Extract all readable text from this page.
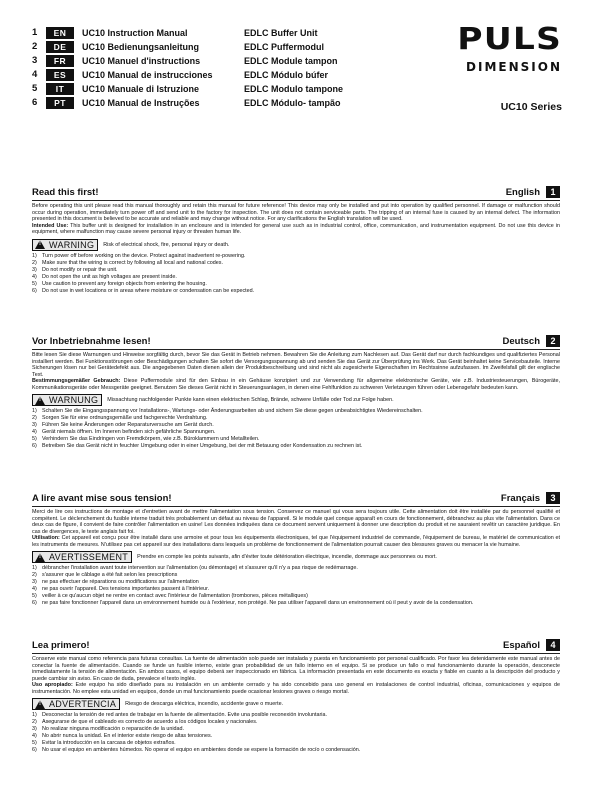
1	EN	UC10 Instruction Manual	EDLC Buffer Unit
2	DE	UC10 Bedienungsanleitung	EDLC Puffermodul
3	FR	UC10 Manuel d'instructions	EDLC Module tampon
4	ES	UC10 Manual de instrucciones	EDLC Módulo búfer
5	IT	UC10 Manuale di Istruzione	EDLC Modulo tampone
6	PT	UC10 Manual de Instruções	EDLC Módulo- tampão
PULS
DIMENSION
UC10 Series
Read this first!	English	1
Before operating this unit please read this manual thoroughly and retain this manual for future reference! This device may only be installed and put into operation by qualified personnel. If damage or malfunction should occur during operation, immediately turn power off and send unit to the factory for inspection. The unit does not contain serviceable parts. The tripping of an internal fuse is caused by an internal defect. The information presented in this document is believed to be accurate and reliable and may change without notice. For any clarifications the English translation will be used.
Intended Use: This buffer unit is designed for installation in an enclosure and is intended for general use such as in industrial control, office, communication, and instrumentation equipment. Do not use this device in equipment, where malfunction may cause severe personal injury or threaten human life.
!
WARNING Risk of electrical shock, fire, personal injury or death.
1) Turn power off before working on the device. Protect against inadvertent re-powering.
2) Make sure that the wiring is correct by following all local and national codes.
3) Do not modify or repair the unit.
4) Do not open the unit as high voltages are present inside.
5) Use caution to prevent any foreign objects from entering the housing.
6) Do not use in wet locations or in areas where moisture or condensation can be expected.
Vor Inbetriebnahme lesen!	Deutsch	2
Bitte lesen Sie diese Warnungen und Hinweise sorgfältig durch, bevor Sie das Gerät in Betrieb nehmen. Bewahren Sie die Anleitung zum Nachlesen auf. Das Gerät darf nur durch fachkundiges und qualifiziertes Personal installiert werden. Bei Funktionsstörungen oder Beschädigungen schalten Sie sofort die Versorgungsspannung ab und senden Sie das Gerät zur Überprüfung ins Werk. Das Gerät beinhaltet keine Servicebauteile. Interne Sicherungen lösen nur bei Gerätedefekt aus. Die angegebenen Daten dienen allein der Produktbeschreibung und sind nicht als zugesicherte Eigenschaften im Rechtssinne aufzufassen. Im Zweifelsfall gilt der englische Text.
Bestimmungsgemäßer Gebrauch: Diese Puffermodule sind für den Einbau in ein Gehäuse konzipiert und zur Verwendung für allgemeine elektronische Geräte, wie z.B. Industriesteuerungen, Bürogeräte, Kommunikationsgeräte oder Messgeräte geeignet. Benutzen Sie dieses Gerät nicht in Steuerungsanlagen, in denen eine Fehlfunktion zu schweren Verletzungen führen oder Lebensgefahr bedeuten kann.
!
WARNUNG Missachtung nachfolgender Punkte kann einen elektrischen Schlag, Brände, schwere Unfälle oder Tod zur Folge haben.
1) Schalten Sie die Eingangsspannung vor Installations-, Wartungs- oder Änderungsarbeiten ab und sichern Sie diese gegen unbeabsichtigtes Wiedereinschalten.
2) Sorgen Sie für eine ordnungsgemäße und fachgerechte Verdrahtung.
3) Führen Sie keine Änderungen oder Reparaturversuche am Gerät durch.
4) Gerät niemals öffnen. Im Inneren befinden sich gefährliche Spannungen.
5) Verhindern Sie das Eindringen von Fremdkörpern, wie z.B. Büroklammern und Metallteilen.
6) Betreiben Sie das Gerät nicht in feuchter Umgebung oder in einer Umgebung, bei der mit Betauung oder Kondensation zu rechnen ist.
A lire avant mise sous tension!	Français	3
Merci de lire ces instructions de montage et d'entretien avant de mettre l'alimentation sous tension. Conservez ce manuel qui vous sera toujours utile. Cette alimentation doit être installée par du personnel qualifié et compétent. Le déclenchement du fusible interne traduit très probablement un défaut au niveau de l'appareil. Si le module quel conque apparaît en cours de fonctionnement, débranchez au plus vite l'alimentation. Dans ce deux cas de figure, il convient de faire contrôler l'alimentation en usine! Les données indiquées dans ce document servent uniquement à donner une description du produit et ne sauraient revêtir un caractère juridique. En cas de divergences, le texte anglais fait foi.
Utilisation: Cet appareil est conçu pour être installé dans une armoire et pour tous les équipements électroniques, tel que l'équipement industriel de commande, l'équipement de bureau, le matériel de communication et les instruments de mesures. N'utilisez pas cet appareil sur des installations dans lesquels un problème de fonctionnement de l'alimentation pourrait causer des blessures graves ou menacer la vie humaine.
!
AVERTISSEMENT Prendre en compte les points suivants, afin d'éviter toute détérioration électrique, incendie, dommage aux personnes ou mort.
1) débrancher l'installation avant toute intervention sur l'alimentation (ou démontage) et s'assurer qu'il n'y a pas risque de redémarrage.
2) s'assurer que le câblage a été fait selon les prescriptions
3) ne pas effectuer de réparations ou modifications sur l'alimentation
4) ne pas ouvrir l'appareil. Des tensions importantes passent à l'intérieur.
5) veiller à ce qu'aucun objet ne rentre en contact avec l'intérieur de l'alimentation (trombones, pièces métalliques)
6) ne pas faire fonctionner l'appareil dans un environnement humide ou à l'extérieur, non protégé. Ne pas utiliser l'appareil dans un environnement où il peut y avoir de la condensation.
Lea primero!	Español	4
Conserve este manual como referencia para futuras consultas. La fuente de alimentación solo puede ser instalada y puesta en funcionamiento por personal cualificado. Por favor lea detenidamente este manual antes de conectar la fuente de alimentación. Cuando se funde un fusible interno, existe gran probabilidad de un fallo interno en el equipo. Si se produce un fallo o mal funcionamiento durante la operación, desconecte inmediatamente la tensión de alimentación. En ambos casos, el equipo deberá ser inspeccionado en fábrica. La información presentada en este documento es exacta y fiable en cuanto a la descripción del producto y puede cambiar sin aviso. En caso de duda, prevalece el texto inglés.
Uso apropiado: Este equipo ha sido diseñado para su instalación en un ambiente cerrado y ha sido concebido para uso general en instalaciones de control industrial, oficinas, comunicaciones y equipos de instrumentación. No emplee esta unidad en equipos, donde un mal funcionamiento puede ocasionar lesiones graves o riesgo mortal.
!
ADVERTENCIA Riesgo de descarga eléctrica, incendio, accidente grave o muerte.
1) Desconectar la tensión de red antes de trabajar en la fuente de alimentación. Evite una posible reconexión involuntaria.
2) Asegurarse de que el cableado es correcto de acuerdo a los códigos locales y nacionales.
3) No realizar ninguna modificación o reparación de la unidad.
4) No abrir nunca la unidad. En el interior existe riesgo de altas tensiones.
5) Evitar la introducción en la carcasa de objetos extraños.
6) No usar el equipo en ambientes húmedos. No operar el equipo en ambientes donde se espere la formación de rocío o condensación.
